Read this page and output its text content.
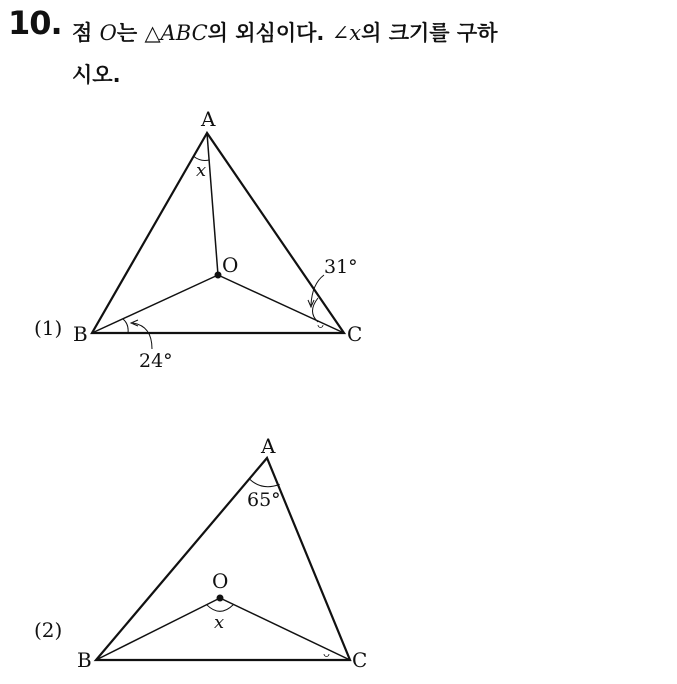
10. 점 O는 △ABC의 외심이다. ∠x의 크기를 구하
시오.
A
B	C
O
x
31°
24°
(1)
A
B	C
O
x
65°
(2)
